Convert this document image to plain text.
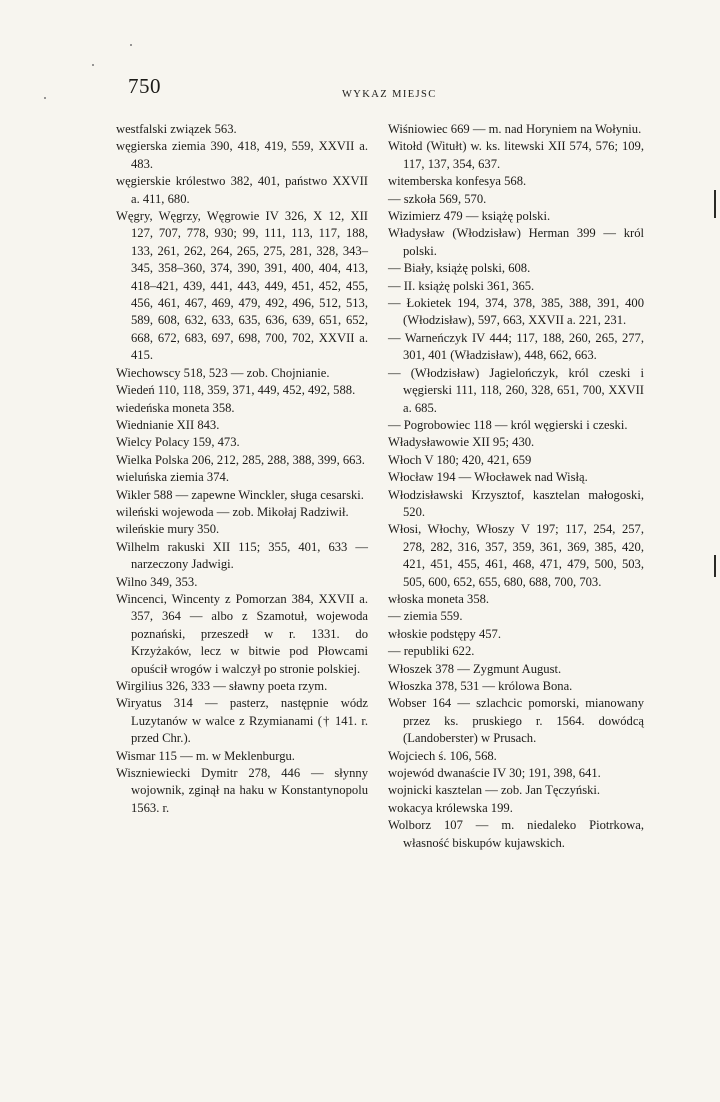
750	WYKAZ MIEJSC

westfalski związek 563.

węgierska ziemia 390, 418, 419, 559, XXVII a. 483.

węgierskie królestwo 382, 401, państwo XXVII a. 411, 680.

Węgry, Węgrzy, Węgrowie IV 326, X 12, XII 127, 707, 778, 930; 99, 111, 113, 117, 188, 133, 261, 262, 264, 265, 275, 281, 328, 343–345, 358–360, 374, 390, 391, 400, 404, 413, 418–421, 439, 441, 443, 449, 451, 452, 455, 456, 461, 467, 469, 479, 492, 496, 512, 513, 589, 608, 632, 633, 635, 636, 639, 651, 652, 668, 672, 683, 697, 698, 700, 702, XXVII a. 415.

Wiechowscy 518, 523 — zob. Chojnianie.

Wiedeń 110, 118, 359, 371, 449, 452, 492, 588.

wiedeńska moneta 358.

Wiednianie XII 843.

Wielcy Polacy 159, 473.

Wielka Polska 206, 212, 285, 288, 388, 399, 663.

wieluńska ziemia 374.

Wikler 588 — zapewne Winckler, sługa cesarski.

wileński wojewoda — zob. Mikołaj Radziwił.

wileńskie mury 350.

Wilhelm rakuski XII 115; 355, 401, 633 — narzeczony Jadwigi.

Wilno 349, 353.

Wincenci, Wincenty z Pomorzan 384, XXVII a. 357, 364 — albo z Szamotuł, wojewoda poznański, przeszedł w r. 1331. do Krzyżaków, lecz w bitwie pod Płowcami opuścił wrogów i walczył po stronie polskiej.

Wirgilius 326, 333 — sławny poeta rzym.

Wiryatus 314 — pasterz, następnie wódz Luzytanów w walce z Rzymianami († 141. r. przed Chr.).

Wismar 115 — m. w Meklenburgu.

Wiszniewiecki Dymitr 278, 446 — słynny wojownik, zginął na haku w Konstantynopolu 1563. r.

Wiśniowiec 669 — m. nad Horyniem na Wołyniu.

Witołd (Witułt) w. ks. litewski XII 574, 576; 109, 117, 137, 354, 637.

witemberska konfesya 568.

— szkoła 569, 570.

Wizimierz 479 — książę polski.

Władysław (Włodzisław) Herman 399 — król polski.

— Biały, książę polski, 608.

— II. książę polski 361, 365.

— Łokietek 194, 374, 378, 385, 388, 391, 400 (Włodzisław), 597, 663, XXVII a. 221, 231.

— Warneńczyk IV 444; 117, 188, 260, 265, 277, 301, 401 (Władzisław), 448, 662, 663.

— (Włodzisław) Jagielończyk, król czeski i węgierski 111, 118, 260, 328, 651, 700, XXVII a. 685.

— Pogrobowiec 118 — król węgierski i czeski.

Władysławowie XII 95; 430.

Włoch V 180; 420, 421, 659

Włocław 194 — Włocławek nad Wisłą.

Włodzisławski Krzysztof, kasztelan małogoski, 520.

Włosi, Włochy, Włoszy V 197; 117, 254, 257, 278, 282, 316, 357, 359, 361, 369, 385, 420, 421, 451, 455, 461, 468, 471, 479, 500, 503, 505, 600, 652, 655, 680, 688, 700, 703.

włoska moneta 358.

— ziemia 559.

włoskie podstępy 457.

— republiki 622.

Włoszek 378 — Zygmunt August.

Włoszka 378, 531 — królowa Bona.

Wobser 164 — szlachcic pomorski, mianowany przez ks. pruskiego r. 1564. dowódcą (Landoberster) w Prusach.

Wojciech ś. 106, 568.

wojewód dwanaście IV 30; 191, 398, 641.

wojnicki kasztelan — zob. Jan Tęczyński.

wokacya królewska 199.

Wolborz 107 — m. niedaleko Piotrkowa, własność biskupów kujawskich.
